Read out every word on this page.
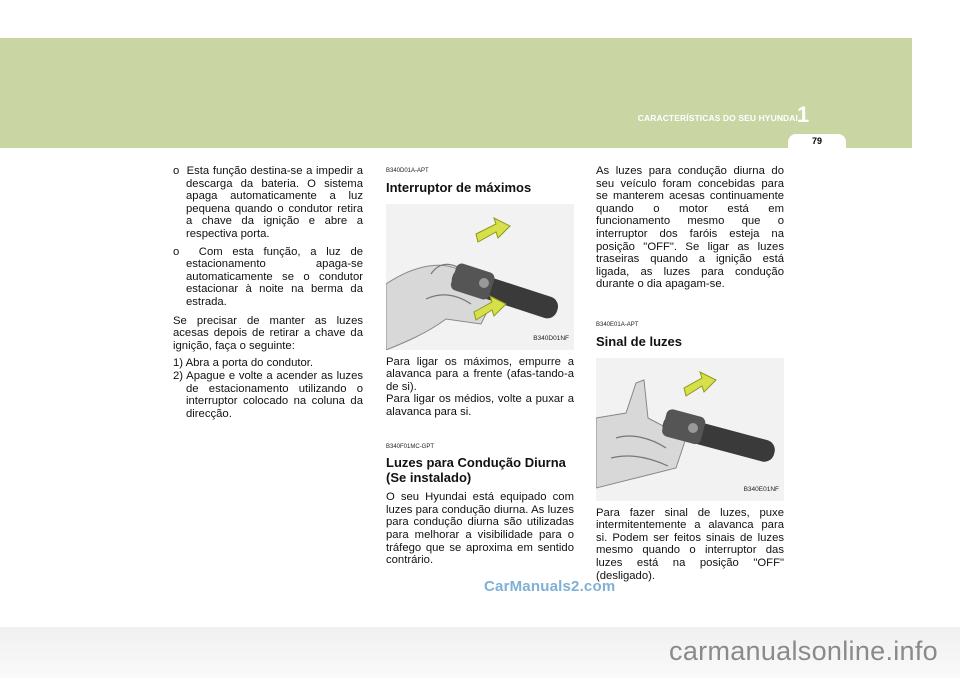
CARACTERÍSTICAS DO SEU HYUNDAI 1
79

o Esta função destina-se a impedir a descarga da bateria. O sistema apaga automaticamente a luz pequena quando o condutor retira a chave da ignição e abre a respectiva porta.

o Com esta função, a luz de estacionamento apaga-se automaticamente se o condutor estacionar à noite na berma da estrada.

Se precisar de manter as luzes acesas depois de retirar a chave da ignição, faça o seguinte:

1) Abra a porta do condutor.

2) Apague e volte a acender as luzes de estacionamento utilizando o interruptor colocado na coluna da direcção.

B340D01A-APT
Interruptor de máximos
B340D01NF

Para ligar os máximos, empurre a alavanca para a frente (afas-tando-a de si).

Para ligar os médios, volte a puxar a alavanca para si.

B340F01MC-GPT
Luzes para Condução Diurna (Se instalado)

O seu Hyundai está equipado com luzes para condução diurna. As luzes para condução diurna são utilizadas para melhorar a visibilidade para o tráfego que se aproxima em sentido contrário.

As luzes para condução diurna do seu veículo foram concebidas para se manterem acesas continuamente quando o motor está em funcionamento mesmo que o interruptor dos faróis esteja na posição "OFF". Se ligar as luzes traseiras quando a ignição está ligada, as luzes para condução durante o dia apagam-se.

B340E01A-APT
Sinal de luzes
B340E01NF

Para fazer sinal de luzes, puxe intermitentemente a alavanca para si. Podem ser feitos sinais de luzes mesmo quando o interruptor das luzes está na posição "OFF" (desligado).

CarManuals2.com
carmanualsonline.info
